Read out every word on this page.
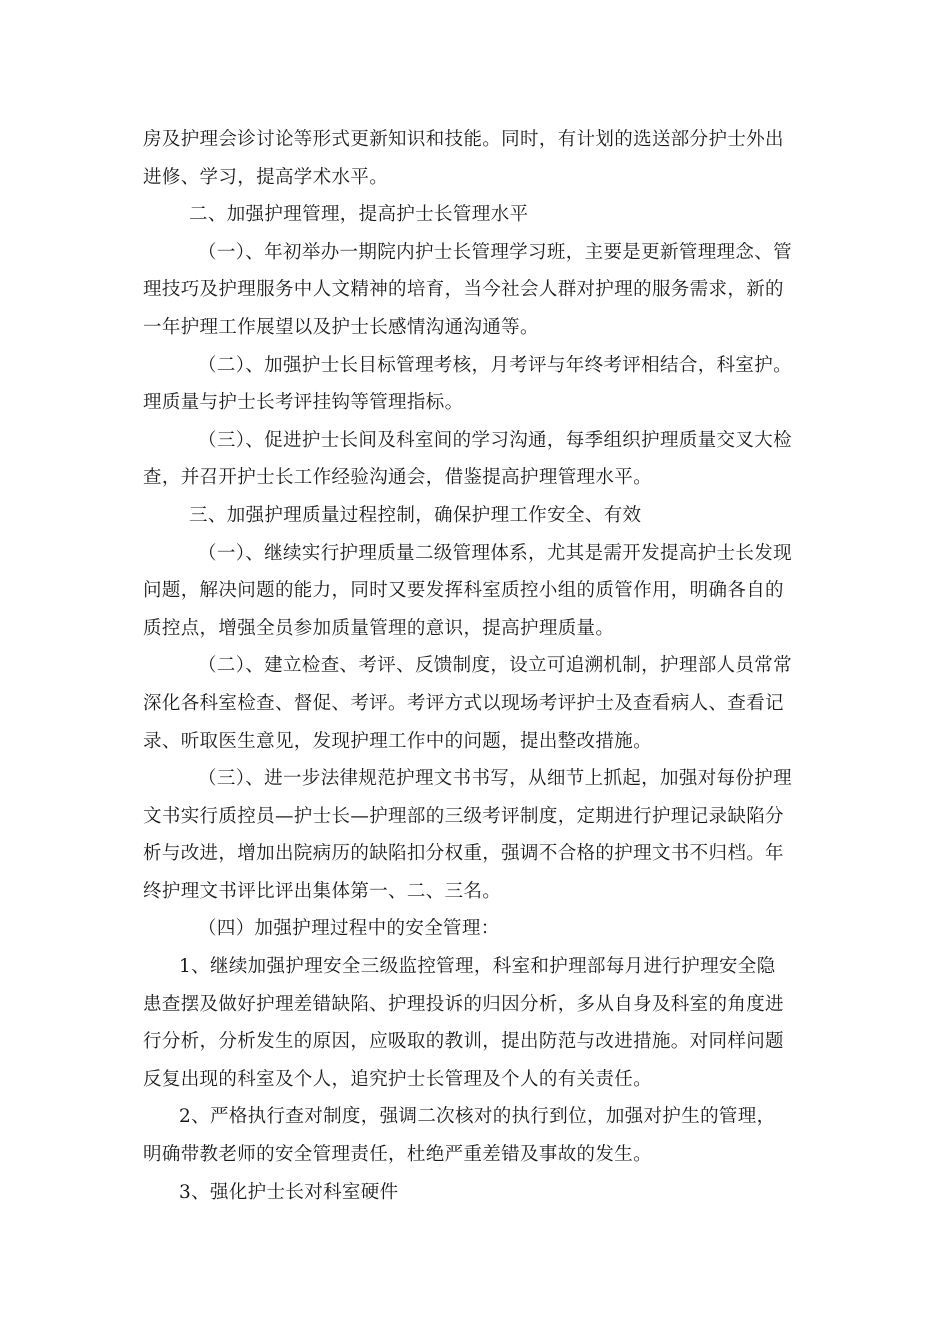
房及护理会诊讨论等形式更新知识和技能。同时，有计划的选送部分护士外出
进修、学习，提高学术水平。
二、加强护理管理，提高护士长管理水平
（一）、年初举办一期院内护士长管理学习班，主要是更新管理理念、管
理技巧及护理服务中人文精神的培育，当今社会人群对护理的服务需求，新的
一年护理工作展望以及护士长感情沟通沟通等。
（二）、加强护士长目标管理考核，月考评与年终考评相结合，科室护。
理质量与护士长考评挂钩等管理指标。
（三）、促进护士长间及科室间的学习沟通，每季组织护理质量交叉大检
查，并召开护士长工作经验沟通会，借鉴提高护理管理水平。
三、加强护理质量过程控制，确保护理工作安全、有效
（一）、继续实行护理质量二级管理体系，尤其是需开发提高护士长发现
问题，解决问题的能力，同时又要发挥科室质控小组的质管作用，明确各自的
质控点，增强全员参加质量管理的意识，提高护理质量。
（二）、建立检查、考评、反馈制度，设立可追溯机制，护理部人员常常
深化各科室检查、督促、考评。考评方式以现场考评护士及查看病人、查看记
录、听取医生意见，发现护理工作中的问题，提出整改措施。
（三）、进一步法律规范护理文书书写，从细节上抓起，加强对每份护理
文书实行质控员—护士长—护理部的三级考评制度，定期进行护理记录缺陷分
析与改进，增加出院病历的缺陷扣分权重，强调不合格的护理文书不归档。年
终护理文书评比评出集体第一、二、三名。
（四）加强护理过程中的安全管理：
1、继续加强护理安全三级监控管理，科室和护理部每月进行护理安全隐
患查摆及做好护理差错缺陷、护理投诉的归因分析，多从自身及科室的角度进
行分析，分析发生的原因，应吸取的教训，提出防范与改进措施。对同样问题
反复出现的科室及个人，追究护士长管理及个人的有关责任。
2、严格执行查对制度，强调二次核对的执行到位，加强对护生的管理，
明确带教老师的安全管理责任，杜绝严重差错及事故的发生。
3、强化护士长对科室硬件
